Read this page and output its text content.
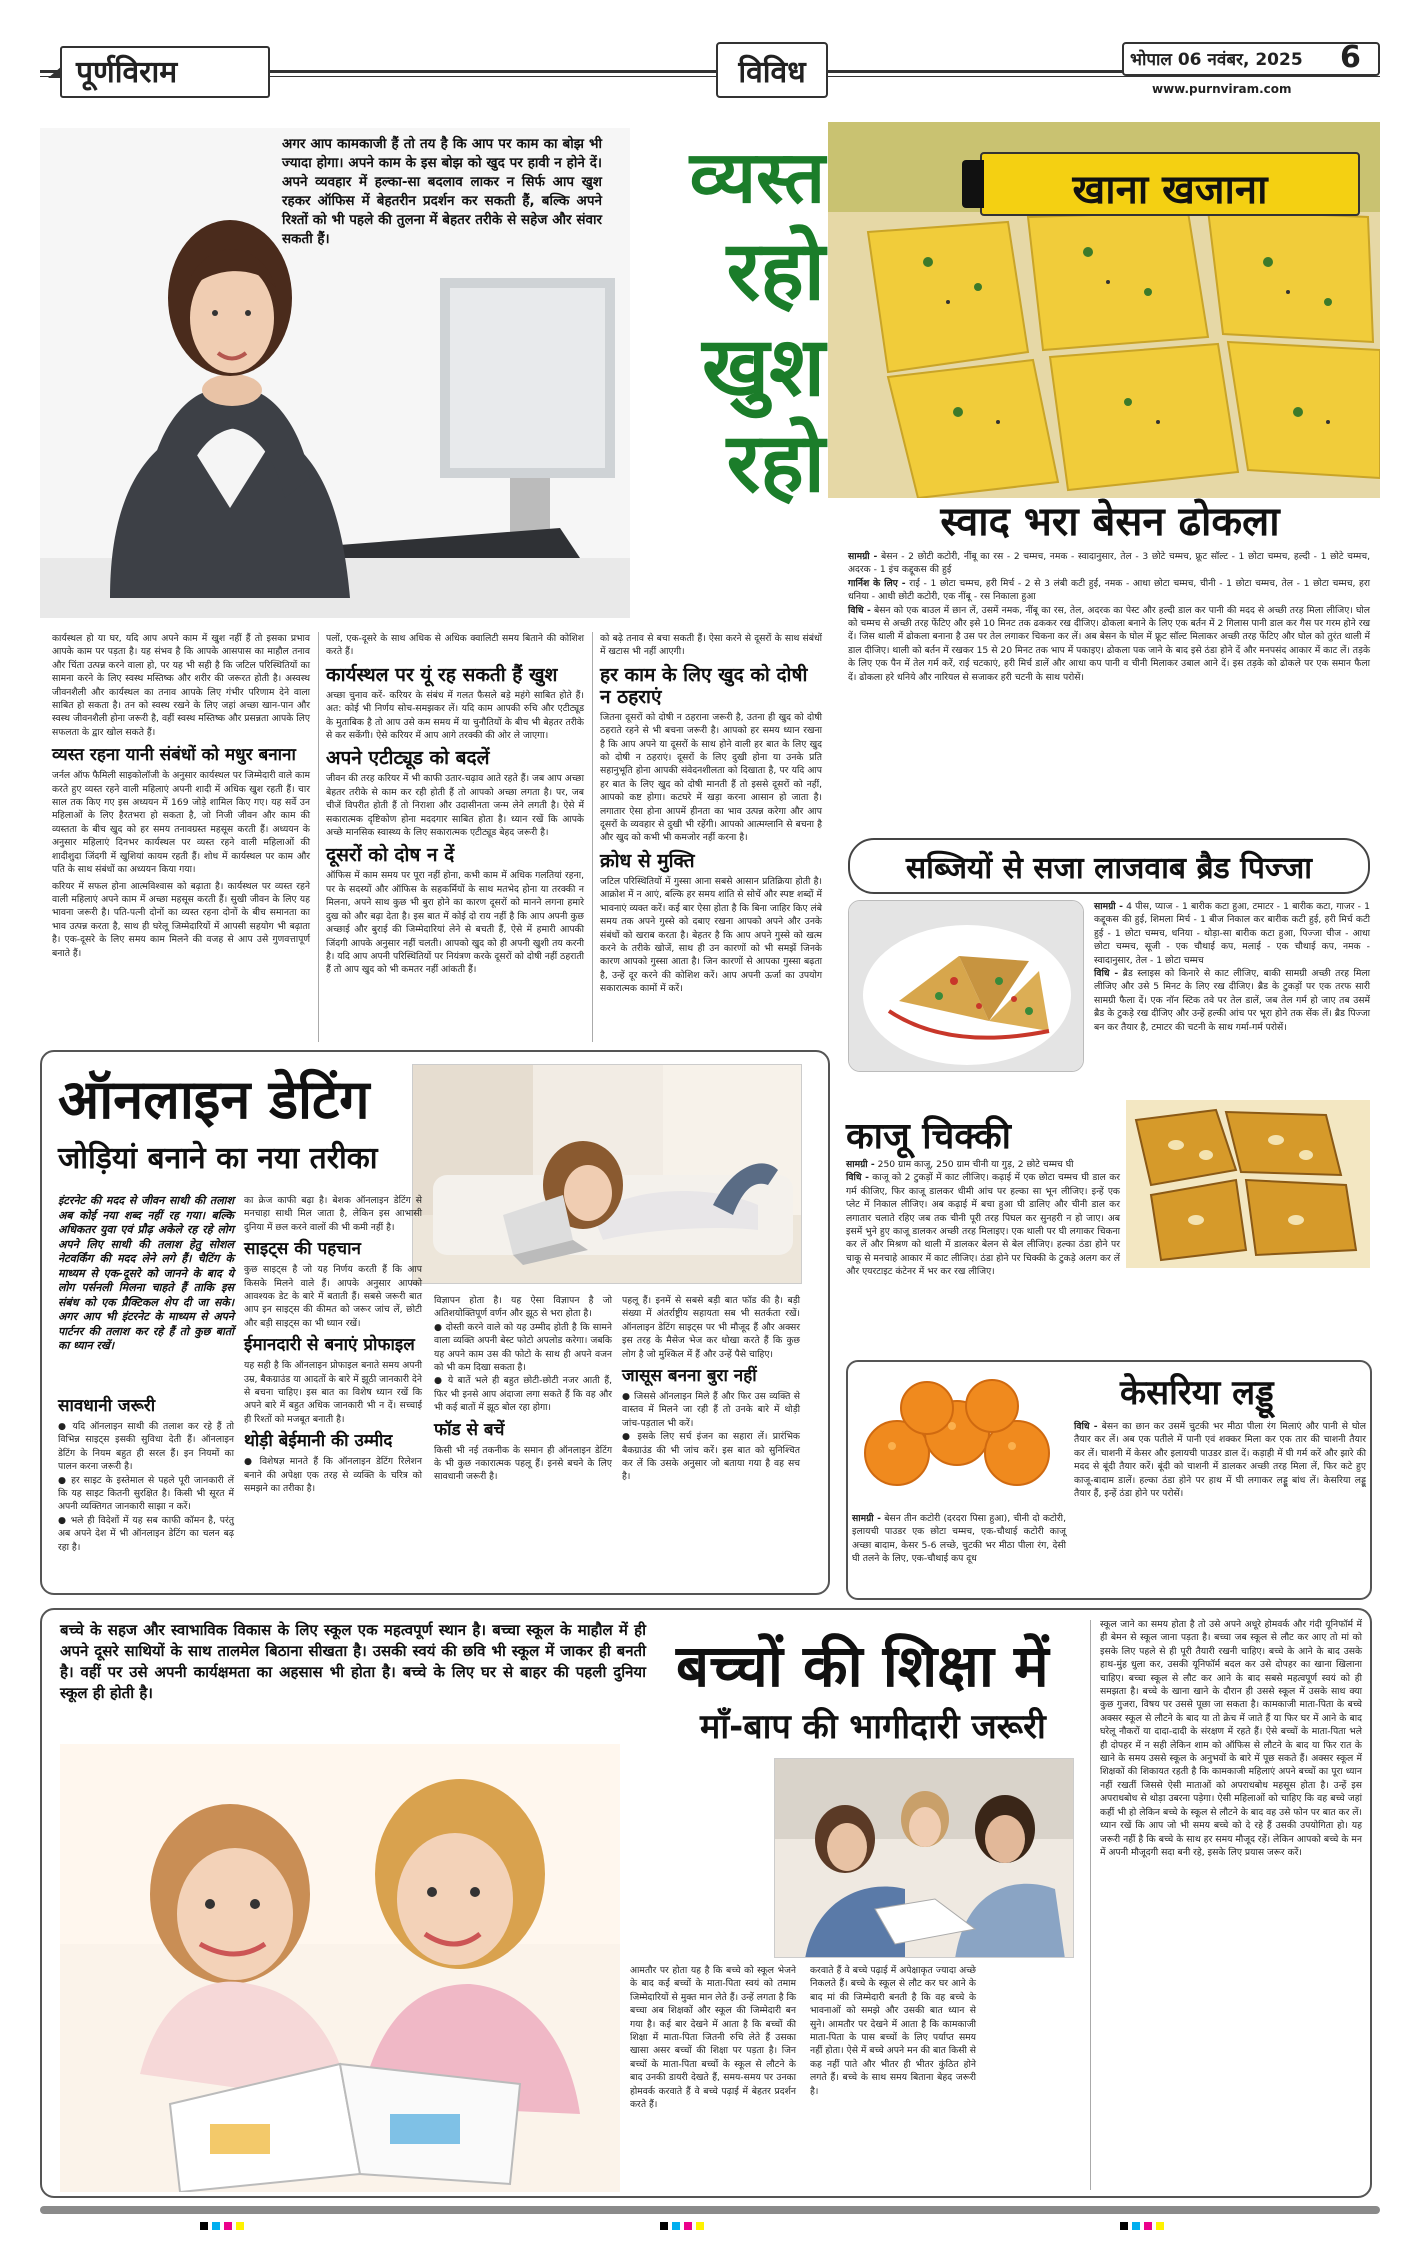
पूर्णविराम	विविध	भोपाल 06 नवंबर, 2025 6
www.purnviram.com
अगर आप कामकाजी हैं तो तय है कि आप पर काम का बोझ भी ज्यादा होगा। अपने काम के इस बोझ को खुद पर हावी न होने दें। अपने व्यवहार में हल्का-सा बदलाव लाकर न सिर्फ आप खुश रहकर ऑफिस में बेहतरीन प्रदर्शन कर सकती हैं, बल्कि अपने रिश्तों को भी पहले की तुलना में बेहतर तरीके से सहेज और संवार सकती हैं।
व्यस्त
रहो
खुश
रहो

कार्यस्थल हो या घर, यदि आप अपने काम में खुश नहीं हैं तो इसका प्रभाव आपके काम पर पड़ता है। यह संभव है कि आपके आसपास का माहौल तनाव और चिंता उत्पन्न करने वाला हो, पर यह भी सही है कि जटिल परिस्थितियों का सामना करने के लिए स्वस्थ मस्तिष्क और शरीर की जरूरत होती है। अस्वस्थ जीवनशैली और कार्यस्थल का तनाव आपके लिए गंभीर परिणाम देने वाला साबित हो सकता है। तन को स्वस्थ रखने के लिए जहां अच्छा खान-पान और स्वस्थ जीवनशैली होना जरूरी है, वहीं स्वस्थ मस्तिष्क और प्रसन्नता आपके लिए सफलता के द्वार खोल सकते हैं।

व्यस्त रहना यानी संबंधों को मधुर बनाना

जर्नल ऑफ फैमिली साइकोलॉजी के अनुसार कार्यस्थल पर जिम्मेदारी वाले काम करते हुए व्यस्त रहने वाली महिलाएं अपनी शादी में अधिक खुश रहती हैं। चार साल तक किए गए इस अध्ययन में 169 जोड़े शामिल किए गए। यह सर्वे उन महिलाओं के लिए हैरतभरा हो सकता है, जो निजी जीवन और काम की व्यस्तता के बीच खुद को हर समय तनावग्रस्त महसूस करती हैं। अध्ययन के अनुसार महिलाएं दिनभर कार्यस्थल पर व्यस्त रहने वाली महिलाओं की शादीशुदा जिंदगी में खुशियां कायम रहती हैं। शोध में कार्यस्थल पर काम और पति के साथ संबंधों का अध्ययन किया गया।

करियर में सफल होना आत्मविश्वास को बढ़ाता है। कार्यस्थल पर व्यस्त रहने वाली महिलाएं अपने काम में अच्छा महसूस करती हैं। सुखी जीवन के लिए यह भावना जरूरी है। पति-पत्नी दोनों का व्यस्त रहना दोनों के बीच समानता का भाव उत्पन्न करता है, साथ ही घरेलू जिम्मेदारियों में आपसी सहयोग भी बढ़ाता है। एक-दूसरे के लिए समय काम मिलने की वजह से आप उसे गुणवत्तापूर्ण बनाते हैं।

पलों, एक-दूसरे के साथ अधिक से अधिक क्वालिटी समय बिताने की कोशिश करते हैं।

कार्यस्थल पर यूं रह सकती हैं खुश

अच्छा चुनाव करें- करियर के संबंध में गलत फैसले बड़े महंगे साबित होते हैं। अत: कोई भी निर्णय सोच-समझकर लें। यदि काम आपकी रुचि और एटीट्यूड के मुताबिक है तो आप उसे कम समय में या चुनौतियों के बीच भी बेहतर तरीके से कर सकेंगी। ऐसे करियर में आप आगे तरक्की की ओर ले जाएगा।

अपने एटीट्यूड को बदलें

जीवन की तरह करियर में भी काफी उतार-चढ़ाव आते रहते हैं। जब आप अच्छा बेहतर तरीके से काम कर रही होती हैं तो आपको अच्छा लगता है। पर, जब चीजें विपरीत होती हैं तो निराशा और उदासीनता जन्म लेने लगती है। ऐसे में सकारात्मक दृष्टिकोण होना मददगार साबित होता है। ध्यान रखें कि आपके अच्छे मानसिक स्वास्थ्य के लिए सकारात्मक एटीट्यूड बेहद जरूरी है।

दूसरों को दोष न दें

ऑफिस में काम समय पर पूरा नहीं होना, कभी काम में अधिक गलतियां रहना, पर के सदस्यों और ऑफिस के सहकर्मियों के साथ मतभेद होना या तरक्की न मिलना, अपने साथ कुछ भी बुरा होने का कारण दूसरों को मानने लगना हमारे दुख को और बढ़ा देता है। इस बात में कोई दो राय नहीं है कि आप अपनी कुछ अच्छाई और बुराई की जिम्मेदारियां लेने से बचती हैं, ऐसे में हमारी आपकी जिंदगी आपके अनुसार नहीं चलती। आपको खुद को ही अपनी खुशी तय करनी है। यदि आप अपनी परिस्थितियों पर नियंत्रण करके दूसरों को दोषी नहीं ठहराती हैं तो आप खुद को भी कमतर नहीं आंकती हैं।

को बढ़े तनाव से बचा सकती हैं। ऐसा करने से दूसरों के साथ संबंधों में खटास भी नहीं आएगी।

हर काम के लिए खुद को दोषी न ठहराएं

जितना दूसरों को दोषी न ठहराना जरूरी है, उतना ही खुद को दोषी ठहराते रहने से भी बचना जरूरी है। आपको हर समय ध्यान रखना है कि आप अपने या दूसरों के साथ होने वाली हर बात के लिए खुद को दोषी न ठहराएं। दूसरों के लिए दुखी होना या उनके प्रति सहानुभूति होना आपकी संवेदनशीलता को दिखाता है, पर यदि आप हर बात के लिए खुद को दोषी मानती हैं तो इससे दूसरों को नहीं, आपको कष्ट होगा। कटघरे में खड़ा करना आसान हो जाता है। लगातार ऐसा होना आपमें हीनता का भाव उत्पन्न करेगा और आप दूसरों के व्यवहार से दुखी भी रहेंगी। आपको आत्मग्लानि से बचना है और खुद को कभी भी कमजोर नहीं करना है।

क्रोध से मुक्ति

जटिल परिस्थितियों में गुस्सा आना सबसे आसान प्रतिक्रिया होती है। आक्रोश में न आएं, बल्कि हर समय शांति से सोचें और स्पष्ट शब्दों में भावनाएं व्यक्त करें। कई बार ऐसा होता है कि बिना जाहिर किए लंबे समय तक अपने गुस्से को दबाए रखना आपको अपने और उनके संबंधों को खराब करता है। बेहतर है कि आप अपने गुस्से को खत्म करने के तरीके खोजें, साथ ही उन कारणों को भी समझें जिनके कारण आपको गुस्सा आता है। जिन कारणों से आपका गुस्सा बढ़ता है, उन्हें दूर करने की कोशिश करें। आप अपनी ऊर्जा का उपयोग सकारात्मक कामों में करें।

ऑनलाइन डेटिंग
जोड़ियां बनाने का नया तरीका
इंटरनेट की मदद से जीवन साथी की तलाश अब कोई नया शब्द नहीं रह गया। बल्कि अधिकतर युवा एवं प्रौढ़ अकेले रह रहे लोग अपने लिए साथी की तलाश हेतु सोशल नेटवर्किंग की मदद लेने लगे हैं। चैटिंग के माध्यम से एक-दूसरे को जानने के बाद ये लोग पर्सनली मिलना चाहते हैं ताकि इस संबंध को एक प्रैक्टिकल शेप दी जा सके। अगर आप भी इंटरनेट के माध्यम से अपने पार्टनर की तलाश कर रहे हैं तो कुछ बातों का ध्यान रखें।

सावधानी जरूरी

● यदि ऑनलाइन साथी की तलाश कर रहे हैं तो विभिन्न साइट्स इसकी सुविधा देती हैं। ऑनलाइन डेटिंग के नियम बहुत ही सरल हैं। इन नियमों का पालन करना जरूरी है।

● हर साइट के इस्तेमाल से पहले पूरी जानकारी लें कि यह साइट कितनी सुरक्षित है। किसी भी सूरत में अपनी व्यक्तिगत जानकारी साझा न करें।

● भले ही विदेशों में यह सब काफी कॉमन है, परंतु अब अपने देश में भी ऑनलाइन डेटिंग का चलन बढ़ रहा है।

का क्रेज काफी बढ़ा है। बेशक ऑनलाइन डेटिंग से मनचाहा साथी मिल जाता है, लेकिन इस आभासी दुनिया में छल करने वालों की भी कमी नहीं है।

साइट्स की पहचान

कुछ साइट्स है जो यह निर्णय करती हैं कि आप किसके मिलने वाले हैं। आपके अनुसार आपको आवश्यक डेट के बारे में बताती हैं। सबसे जरूरी बात आप इन साइट्स की कीमत को जरूर जांच लें, छोटी और बड़ी साइट्स का भी ध्यान रखें।

ईमानदारी से बनाएं प्रोफाइल

यह सही है कि ऑनलाइन प्रोफाइल बनाते समय अपनी उम्र, बैकग्राउंड या आदतों के बारे में झूठी जानकारी देने से बचना चाहिए। इस बात का विशेष ध्यान रखें कि अपने बारे में बहुत अधिक जानकारी भी न दें। सच्चाई ही रिश्तों को मजबूत बनाती है।

थोड़ी बेईमानी की उम्मीद

● विशेषज्ञ मानते हैं कि ऑनलाइन डेटिंग रिलेशन बनाने की अपेक्षा एक तरह से व्यक्ति के चरित्र को समझने का तरीका है।

विज्ञापन होता है। यह ऐसा विज्ञापन है जो अतिशयोक्तिपूर्ण वर्णन और झूठ से भरा होता है।

● दोस्ती करने वाले को यह उम्मीद होती है कि सामने वाला व्यक्ति अपनी बेस्ट फोटो अपलोड करेगा। जबकि यह अपने काम उस की फोटो के साथ ही अपने वजन को भी कम दिखा सकता है।

● ये बातें भले ही बहुत छोटी-छोटी नजर आती हैं, फिर भी इनसे आप अंदाजा लगा सकते हैं कि वह और भी कई बातों में झूठ बोल रहा होगा।

फॉड से बचें

किसी भी नई तकनीक के समान ही ऑनलाइन डेटिंग के भी कुछ नकारात्मक पहलू हैं। इनसे बचने के लिए सावधानी जरूरी है।

पहलू हैं। इनमें से सबसे बड़ी बात फॉड की है। बड़ी संख्या में अंतर्राष्ट्रीय सहायता सब भी सतर्कता रखें। ऑनलाइन डेटिंग साइट्स पर भी मौजूद हैं और अक्सर इस तरह के मैसेज भेज कर धोखा करते हैं कि कुछ लोग है जो मुश्किल में हैं और उन्हें पैसे चाहिए।

जासूस बनना बुरा नहीं

● जिससे ऑनलाइन मिले हैं और फिर उस व्यक्ति से वास्तव में मिलने जा रही हैं तो उनके बारे में थोड़ी जांच-पड़ताल भी करें।

● इसके लिए सर्च इंजन का सहारा लें। प्रारंभिक बैकग्राउंड की भी जांच करें। इस बात को सुनिश्चित कर लें कि उसके अनुसार जो बताया गया है वह सच है।

खाना खजाना
स्वाद भरा बेसन ढोकला

सामग्री - बेसन - 2 छोटी कटोरी, नींबू का रस - 2 चम्मच, नमक - स्वादानुसार, तेल - 3 छोटे चम्मच, फ्रूट सॉल्ट - 1 छोटा चम्मच, हल्दी - 1 छोटे चम्मच, अदरक - 1 इंच कद्दूकस की हुई

गार्निश के लिए - राई - 1 छोटा चम्मच, हरी मिर्च - 2 से 3 लंबी कटी हुई, नमक - आधा छोटा चम्मच, चीनी - 1 छोटा चम्मच, तेल - 1 छोटा चम्मच, हरा धनिया - आधी छोटी कटोरी, एक नींबू - रस निकाला हुआ

विधि - बेसन को एक बाउल में छान लें, उसमें नमक, नींबू का रस, तेल, अदरक का पेस्ट और हल्दी डाल कर पानी की मदद से अच्छी तरह मिला लीजिए। घोल को चम्मच से अच्छी तरह फेंटिए और इसे 10 मिनट तक ढककर रख दीजिए। ढोकला बनाने के लिए एक बर्तन में 2 गिलास पानी डाल कर गैस पर गरम होने रख दें। जिस थाली में ढोकला बनाना है उस पर तेल लगाकर चिकना कर लें। अब बेसन के घोल में फ्रूट सॉल्ट मिलाकर अच्छी तरह फेंटिए और घोल को तुरंत थाली में डाल दीजिए। थाली को बर्तन में रखकर 15 से 20 मिनट तक भाप में पकाइए। ढोकला पक जाने के बाद इसे ठंडा होने दें और मनपसंद आकार में काट लें। तड़के के लिए एक पैन में तेल गर्म करें, राई चटकाएं, हरी मिर्च डालें और आधा कप पानी व चीनी मिलाकर उबाल आने दें। इस तड़के को ढोकले पर एक समान फैला दें। ढोकला हरे धनिये और नारियल से सजाकर हरी चटनी के साथ परोसें।

सब्जियों से सजा लाजवाब ब्रैड पिज्जा

सामग्री - 4 पीस, प्याज - 1 बारीक कटा हुआ, टमाटर - 1 बारीक कटा, गाजर - 1 कद्दूकस की हुई, शिमला मिर्च - 1 बीज निकाल कर बारीक कटी हुई, हरी मिर्च कटी हुई - 1 छोटा चम्मच, धनिया - थोड़ा-सा बारीक कटा हुआ, पिज्जा चीज - आधा छोटा चम्मच, सूजी - एक चौथाई कप, मलाई - एक चौथाई कप, नमक - स्वादानुसार, तेल - 1 छोटा चम्मच

विधि - ब्रैड स्लाइस को किनारे से काट लीजिए, बाकी सामग्री अच्छी तरह मिला लीजिए और उसे 5 मिनट के लिए रख दीजिए। ब्रैड के टुकड़ों पर एक तरफ सारी सामग्री फैला दें। एक नॉन स्टिक तवे पर तेल डालें, जब तेल गर्म हो जाए तब उसमें ब्रैड के टुकड़े रख दीजिए और उन्हें हल्की आंच पर भूरा होने तक सेंक लें। ब्रैड पिज्जा बन कर तैयार है, टमाटर की चटनी के साथ गर्मा-गर्म परोसें।

काजू चिक्की

सामग्री - 250 ग्राम काजू, 250 ग्राम चीनी या गुड़, 2 छोटे चम्मच घी

विधि - काजू को 2 टुकड़ों में काट लीजिए। कढ़ाई में एक छोटा चम्मच घी डाल कर गर्म कीजिए, फिर काजू डालकर धीमी आंच पर हल्का सा भून लीजिए। इन्हें एक प्लेट में निकाल लीजिए। अब कढ़ाई में बचा हुआ घी डालिए और चीनी डाल कर लगातार चलाते रहिए जब तक चीनी पूरी तरह पिघल कर सुनहरी न हो जाए। अब इसमें भुने हुए काजू डालकर अच्छी तरह मिलाइए। एक थाली पर घी लगाकर चिकना कर लें और मिश्रण को थाली में डालकर बेलन से बेल लीजिए। हल्का ठंडा होने पर चाकू से मनचाहे आकार में काट लीजिए। ठंडा होने पर चिक्की के टुकड़े अलग कर लें और एयरटाइट कंटेनर में भर कर रख लीजिए।

केसरिया लड्डू

सामग्री - बेसन तीन कटोरी (दरदरा पिसा हुआ), चीनी दो कटोरी, इलायची पाउडर एक छोटा चम्मच, एक-चौथाई कटोरी काजू अच्छा बादाम, केसर 5-6 लच्छे, चुटकी भर मीठा पीला रंग, देसी घी तलने के लिए, एक-चौथाई कप दूध

विधि - बेसन का छान कर उसमें चुटकी भर मीठा पीला रंग मिलाएं और पानी से घोल तैयार कर लें। अब एक पतीले में पानी एवं शक्कर मिला कर एक तार की चाशनी तैयार कर लें। चाशनी में केसर और इलायची पाउडर डाल दें। कड़ाही में घी गर्म करें और झारे की मदद से बूंदी तैयार करें। बूंदी को चाशनी में डालकर अच्छी तरह मिला लें, फिर कटे हुए काजू-बादाम डालें। हल्का ठंडा होने पर हाथ में घी लगाकर लड्डू बांध लें। केसरिया लड्डू तैयार हैं, इन्हें ठंडा होने पर परोसें।

बच्चे के सहज और स्वाभाविक विकास के लिए स्कूल एक महत्वपूर्ण स्थान है। बच्चा स्कूल के माहौल में ही अपने दूसरे साथियों के साथ तालमेल बिठाना सीखता है। उसकी स्वयं की छवि भी स्कूल में जाकर ही बनती है। वहीं पर उसे अपनी कार्यक्षमता का अहसास भी होता है। बच्चे के लिए घर से बाहर की पहली दुनिया स्कूल ही होती है।	बच्चों की शिक्षा में
माँ-बाप की भागीदारी जरूरी

आमतौर पर होता यह है कि बच्चे को स्कूल भेजने के बाद कई बच्चों के माता-पिता स्वयं को तमाम जिम्मेदारियों से मुक्त मान लेते हैं। उन्हें लगता है कि बच्चा अब शिक्षकों और स्कूल की जिम्मेदारी बन गया है। कई बार देखने में आता है कि बच्चों की शिक्षा में माता-पिता जितनी रुचि लेते हैं उसका खासा असर बच्चों की शिक्षा पर पड़ता है। जिन बच्चों के माता-पिता बच्चों के स्कूल से लौटने के बाद उनकी डायरी देखते हैं, समय-समय पर उनका होमवर्क करवाते हैं वे बच्चे पढ़ाई में बेहतर प्रदर्शन करते हैं।

करवाते हैं वे बच्चे पढ़ाई में अपेक्षाकृत ज्यादा अच्छे निकलते हैं। बच्चे के स्कूल से लौट कर घर आने के बाद मां की जिम्मेदारी बनती है कि वह बच्चे के भावनाओं को समझे और उसकी बात ध्यान से सुने। आमतौर पर देखने में आता है कि कामकाजी माता-पिता के पास बच्चों के लिए पर्याप्त समय नहीं होता। ऐसे में बच्चे अपने मन की बात किसी से कह नहीं पाते और भीतर ही भीतर कुंठित होने लगते हैं। बच्चे के साथ समय बिताना बेहद जरूरी है।

स्कूल जाने का समय होता है तो उसे अपने अधूरे होमवर्क और गंदी यूनिफॉर्म में ही बेमन से स्कूल जाना पड़ता है। बच्चा जब स्कूल से लौट कर आए तो मां को इसके लिए पहले से ही पूरी तैयारी रखनी चाहिए। बच्चे के आने के बाद उसके हाथ-मुंह धुला कर, उसकी यूनिफॉर्म बदल कर उसे दोपहर का खाना खिलाना चाहिए। बच्चा स्कूल से लौट कर आने के बाद सबसे महत्वपूर्ण स्वयं को ही समझता है। बच्चे के खाना खाने के दौरान ही उससे स्कूल में उसके साथ क्या कुछ गुजरा, विषय पर उससे पूछा जा सकता है। कामकाजी माता-पिता के बच्चे अक्सर स्कूल से लौटने के बाद या तो क्रेच में जाते हैं या फिर घर में आने के बाद घरेलू नौकरों या दादा-दादी के संरक्षण में रहते हैं। ऐसे बच्चों के माता-पिता भले ही दोपहर में न सही लेकिन शाम को ऑफिस से लौटने के बाद या फिर रात के खाने के समय उससे स्कूल के अनुभवों के बारे में पूछ सकते हैं। अक्सर स्कूल में शिक्षकों की शिकायत रहती है कि कामकाजी महिलाएं अपने बच्चों का पूरा ध्यान नहीं रखतीं जिससे ऐसी माताओं को अपराधबोध महसूस होता है। उन्हें इस अपराधबोध से थोड़ा उबरना पड़ेगा। ऐसी महिलाओं को चाहिए कि वह बच्चे जहां कहीं भी हो लेकिन बच्चे के स्कूल से लौटने के बाद वह उसे फोन पर बात कर लें। ध्यान रखें कि आप जो भी समय बच्चे को दे रहे हैं उसकी उपयोगिता हो। यह जरूरी नहीं है कि बच्चे के साथ हर समय मौजूद रहें। लेकिन आपको बच्चे के मन में अपनी मौजूदगी सदा बनी रहे, इसके लिए प्रयास जरूर करें।
